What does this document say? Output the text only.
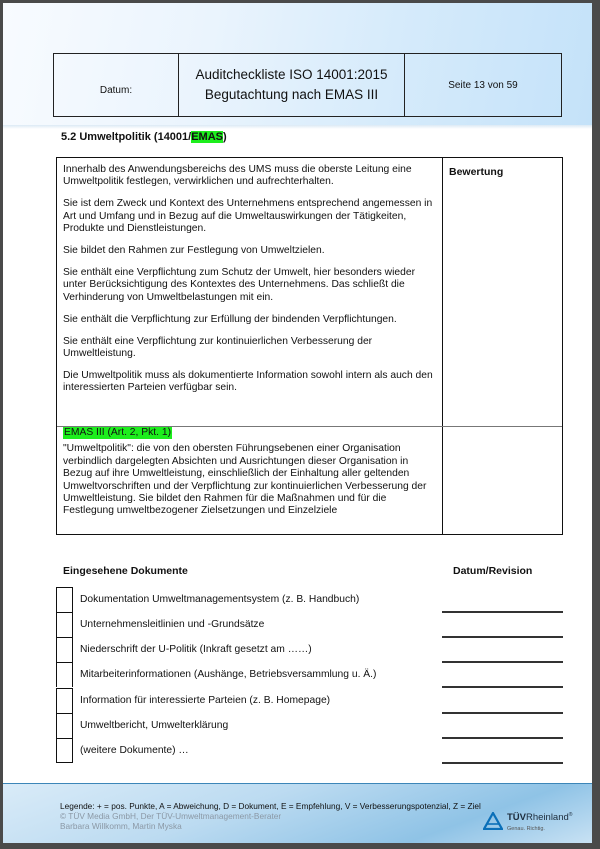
Datum:
Auditcheckliste ISO 14001:2015
Begutachtung nach EMAS III
Seite 13 von 59
5.2 Umweltpolitik (14001/EMAS)

Innerhalb des Anwendungsbereichs des UMS muss die oberste Leitung eine Umweltpolitik festlegen, verwirklichen und aufrechterhalten.

Sie ist dem Zweck und Kontext des Unternehmens entsprechend angemessen in Art und Umfang und in Bezug auf die Umweltauswirkungen der Tätigkeiten, Produkte und Dienstleistungen.

Sie bildet den Rahmen zur Festlegung von Umweltzielen.

Sie enthält eine Verpflichtung zum Schutz der Umwelt, hier besonders wieder unter Berücksichtigung des Kontextes des Unternehmens. Das schließt die Verhinderung von Umweltbelastungen mit ein.

Sie enthält die Verpflichtung zur Erfüllung der bindenden Verpflichtungen.

Sie enthält eine Verpflichtung zur kontinuierlichen Verbesserung der Umweltleistung.

Die Umweltpolitik muss als dokumentierte Information sowohl intern als auch den interessierten Parteien verfügbar sein.

Bewertung
EMAS III (Art. 2, Pkt. 1)

"Umweltpolitik": die von den obersten Führungsebenen einer Organisation verbindlich dargelegten Absichten und Ausrichtungen dieser Organisation in Bezug auf ihre Umweltleistung, einschließlich der Einhaltung aller geltenden Umweltvorschriften und der Verpflichtung zur kontinuierlichen Verbesserung der Umweltleistung. Sie bildet den Rahmen für die Maßnahmen und für die Festlegung umweltbezogener Zielsetzungen und Einzelziele

Eingesehene Dokumente	Datum/Revision
Dokumentation Umweltmanagementsystem (z. B. Handbuch)
Unternehmensleitlinien und -Grundsätze
Niederschrift der U-Politik (Inkraft gesetzt am ……)
Mitarbeiterinformationen (Aushänge, Betriebsversammlung u. Ä.)
Information für interessierte Parteien (z. B. Homepage)
Umweltbericht, Umwelterklärung
(weitere Dokumente) …
Legende: + = pos. Punkte, A = Abweichung, D = Dokument, E = Empfehlung, V = Verbesserungspotenzial, Z = Ziel
© TÜV Media GmbH, Der TÜV-Umweltmanagement-Berater
Barbara Willkomm, Martin Myska
TÜVRheinland®
Genau. Richtig.
